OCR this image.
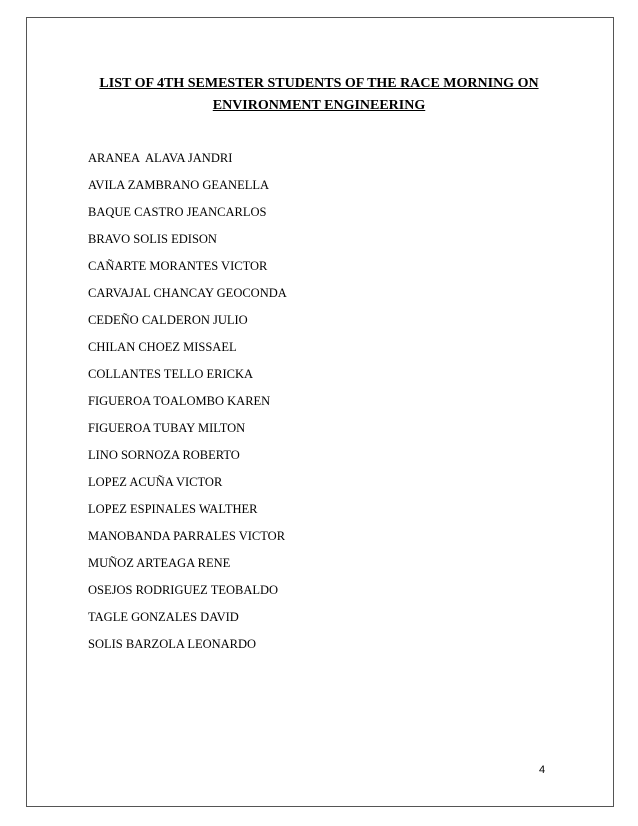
LIST OF 4TH SEMESTER STUDENTS OF THE RACE MORNING ON
ENVIRONMENT ENGINEERING
ARANEA  ALAVA JANDRI
AVILA ZAMBRANO GEANELLA
BAQUE CASTRO JEANCARLOS
BRAVO SOLIS EDISON
CAÑARTE MORANTES VICTOR
CARVAJAL CHANCAY GEOCONDA
CEDEÑO CALDERON JULIO
CHILAN CHOEZ MISSAEL
COLLANTES TELLO ERICKA
FIGUEROA TOALOMBO KAREN
FIGUEROA TUBAY MILTON
LINO SORNOZA ROBERTO
LOPEZ ACUÑA VICTOR
LOPEZ ESPINALES WALTHER
MANOBANDA PARRALES VICTOR
MUÑOZ ARTEAGA RENE
OSEJOS RODRIGUEZ TEOBALDO
TAGLE GONZALES DAVID
SOLIS BARZOLA LEONARDO
4
